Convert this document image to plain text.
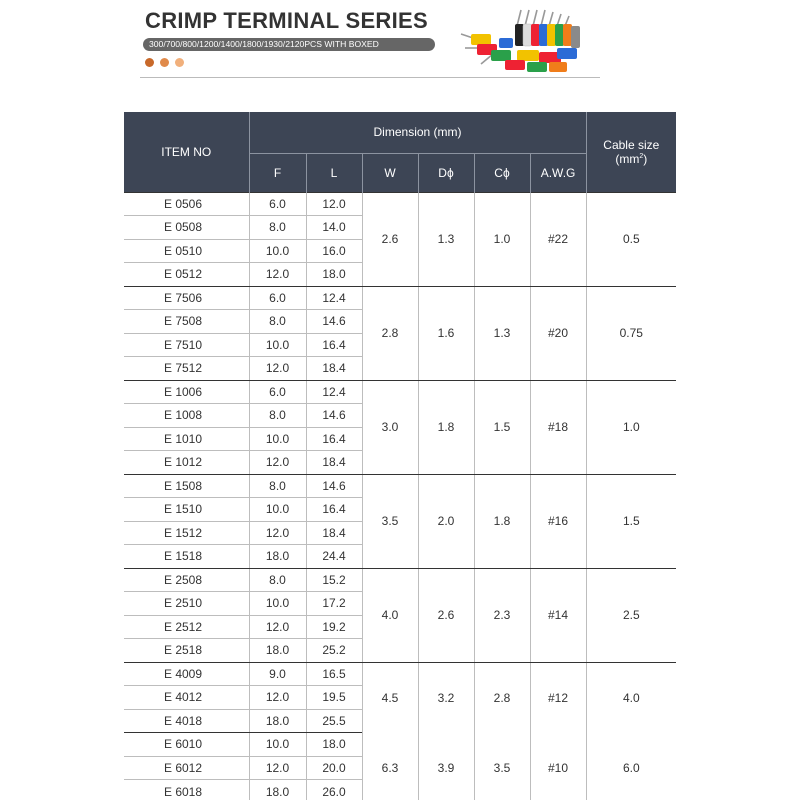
CRIMP TERMINAL SERIES
300/700/800/1200/1400/1800/1930/2120PCS WITH BOXED
ITEM NO	Dimension (mm)						Cable size
$(mm^2)$
	F	L	W	Dϕ	Cϕ	A.W.G	
E 0506	6.0	12.0	2.6	1.3	1.0	#22	0.5
E 0508	8.0	14.0					
E 0510	10.0	16.0					
E 0512	12.0	18.0					
E 7506	6.0	12.4	2.8	1.6	1.3	#20	0.75
E 7508	8.0	14.6					
E 7510	10.0	16.4					
E 7512	12.0	18.4					
E 1006	6.0	12.4	3.0	1.8	1.5	#18	1.0
E 1008	8.0	14.6					
E 1010	10.0	16.4					
E 1012	12.0	18.4					
E 1508	8.0	14.6	3.5	2.0	1.8	#16	1.5
E 1510	10.0	16.4					
E 1512	12.0	18.4					
E 1518	18.0	24.4					
E 2508	8.0	15.2	4.0	2.6	2.3	#14	2.5
E 2510	10.0	17.2					
E 2512	12.0	19.2					
E 2518	18.0	25.2					
E 4009	9.0	16.5	4.5	3.2	2.8	#12	4.0
E 4012	12.0	19.5					
E 4018	18.0	25.5					
E 6010	10.0	18.0	6.3	3.9	3.5	#10	6.0
E 6012	12.0	20.0					
E 6018	18.0	26.0					
